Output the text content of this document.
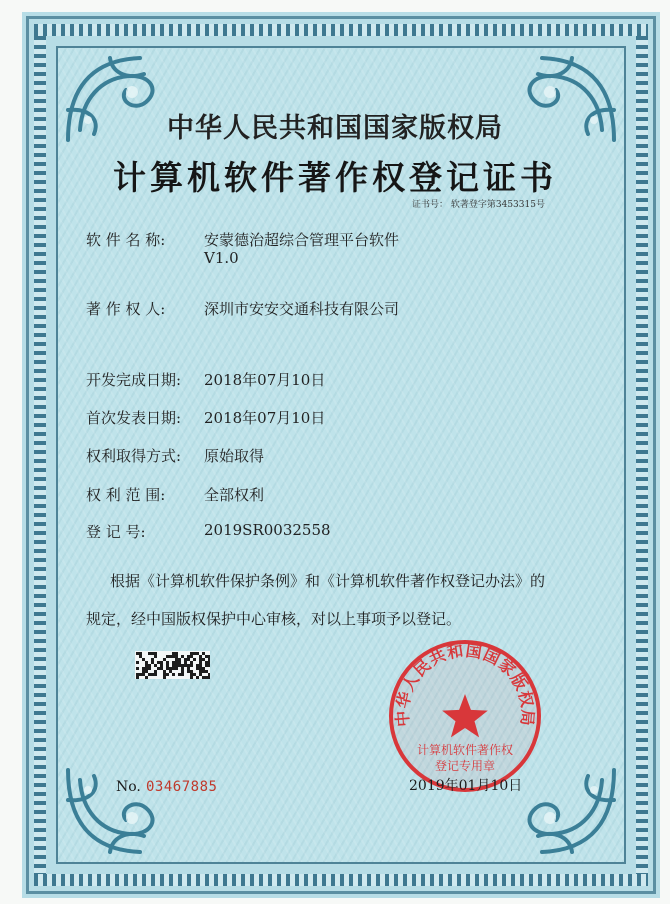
中华人民共和国国家版权局
计算机软件著作权登记证书
证书号： 软著登字第3453315号
软 件 名 称:	安蒙德治超综合管理平台软件
V1.0
著 作 权 人:	深圳市安安交通科技有限公司
开发完成日期: 2018年07月10日
首次发表日期: 2018年07月10日
权利取得方式: 原始取得
权 利 范 围:	全部权利
登 记 号:	2019SR0032558
根据《计算机软件保护条例》和《计算机软件著作权登记办法》的
规定，经中国版权保护中心审核，对以上事项予以登记。
No. 03467885
中华人民共和国国家版权局
计算机软件著作权
登记专用章
2019年01月10日
